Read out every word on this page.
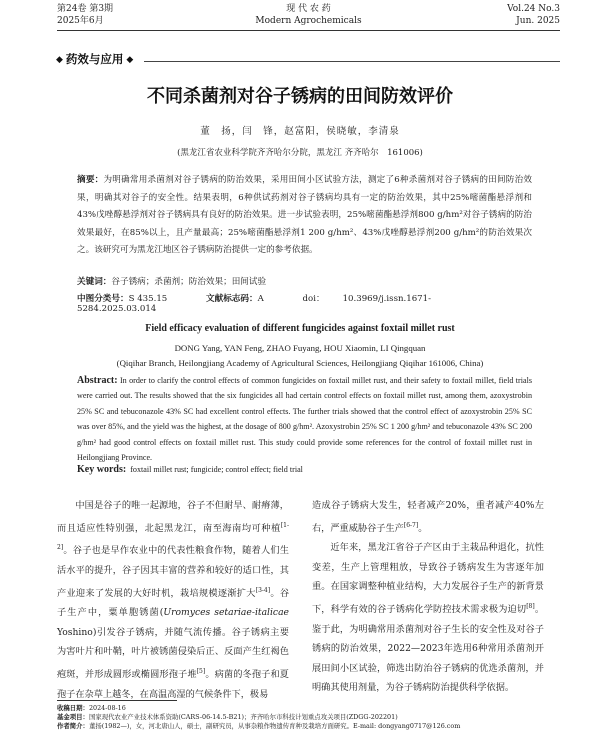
第24卷 第3期
2025年6月
现 代 农 药
Modern Agrochemicals
Vol.24 No.3
Jun. 2025
◆ 药效与应用 ◆
不同杀菌剂对谷子锈病的田间防效评价
董　扬，闫　锋，赵富阳，侯晓敏，李清泉
(黑龙江省农业科学院齐齐哈尔分院，黑龙江 齐齐哈尔　161006)
摘要：为明确常用杀菌剂对谷子锈病的防治效果，采用田间小区试验方法，测定了6种杀菌剂对谷子锈病的田间防治效果，明确其对谷子的安全性。结果表明，6种供试药剂对谷子锈病均具有一定的防治效果，其中25%嘧菌酯悬浮剂和43%戊唑醇悬浮剂对谷子锈病具有良好的防治效果。进一步试验表明，25%嘧菌酯悬浮剂800 g/hm²对谷子锈病的防治效果最好，在85%以上，且产量最高；25%嘧菌酯悬浮剂1 200 g/hm²、43%戊唑醇悬浮剂200 g/hm²的防治效果次之。该研究可为黑龙江地区谷子锈病防治提供一定的参考依据。
关键词：谷子锈病；杀菌剂；防治效果；田间试验
中图分类号：S 435.15	文献标志码：A	doi： 10.3969/j.issn.1671-5284.2025.03.014
Field efficacy evaluation of different fungicides against foxtail millet rust
DONG Yang, YAN Feng, ZHAO Fuyang, HOU Xiaomin, LI Qingquan
(Qiqihar Branch, Heilongjiang Academy of Agricultural Sciences, Heilongjiang Qiqihar 161006, China)
Abstract: In order to clarify the control effects of common fungicides on foxtail millet rust, and their safety to foxtail millet, field trials were carried out. The results showed that the six fungicides all had certain control effects on foxtail millet rust, among them, azoxystrobin 25% SC and tebuconazole 43% SC had excellent control effects. The further trials showed that the control effect of azoxystrobin 25% SC was over 85%, and the yield was the highest, at the dosage of 800 g/hm². Azoxystrobin 25% SC 1 200 g/hm² and tebuconazole 43% SC 200 g/hm² had good control effects on foxtail millet rust. This study could provide some references for the control of foxtail millet rust in Heilongjiang Province.
Key words: foxtail millet rust; fungicide; control effect; field trial

中国是谷子的唯一起源地，谷子不但耐旱、耐瘠薄，而且适应性特别强，北起黑龙江，南至海南均可种植[1-2]。谷子也是早作农业中的代表性粮食作物，随着人们生活水平的提升，谷子因其丰富的营养和较好的适口性，其产业迎来了发展的大好时机，栽培规模逐渐扩大[3-4]。谷子生产中，粟单胞锈菌(Uromyces setariae-italicae Yoshino)引发谷子锈病，并随气流传播。谷子锈病主要为害叶片和叶鞘，叶片被锈菌侵染后正、反面产生红褐色疱斑，并形成圆形或椭圆形孢子堆[5]。病菌的冬孢子和夏孢子在杂草上越冬，在高温高湿的气候条件下，极易

造成谷子锈病大发生，轻者减产20%，重者减产40%左右，严重威胁谷子生产[6-7]。

近年来，黑龙江省谷子产区由于主栽品种退化，抗性变差，生产上管理粗放，导致谷子锈病发生为害逐年加重。在国家调整种植业结构，大力发展谷子生产的新背景下，科学有效的谷子锈病化学防控技术需求极为迫切[8]。鉴于此，为明确常用杀菌剂对谷子生长的安全性及对谷子锈病的防治效果，2022—2023年选用6种常用杀菌剂开展田间小区试验，筛选出防治谷子锈病的优选杀菌剂，并明确其使用剂量，为谷子锈病防治提供科学依据。

收稿日期：2024-08-16
基金项目：国家现代农业产业技术体系资助(CARS-06-14.5-B21)；齐齐哈尔市科技计划重点攻关项目(ZDGG-202201)
作者简介：董扬(1982—)，女，河北唐山人，硕士，副研究员，从事杂粮作物遗传育种及栽培方面研究。E-mail: dongyang0717@126.com
